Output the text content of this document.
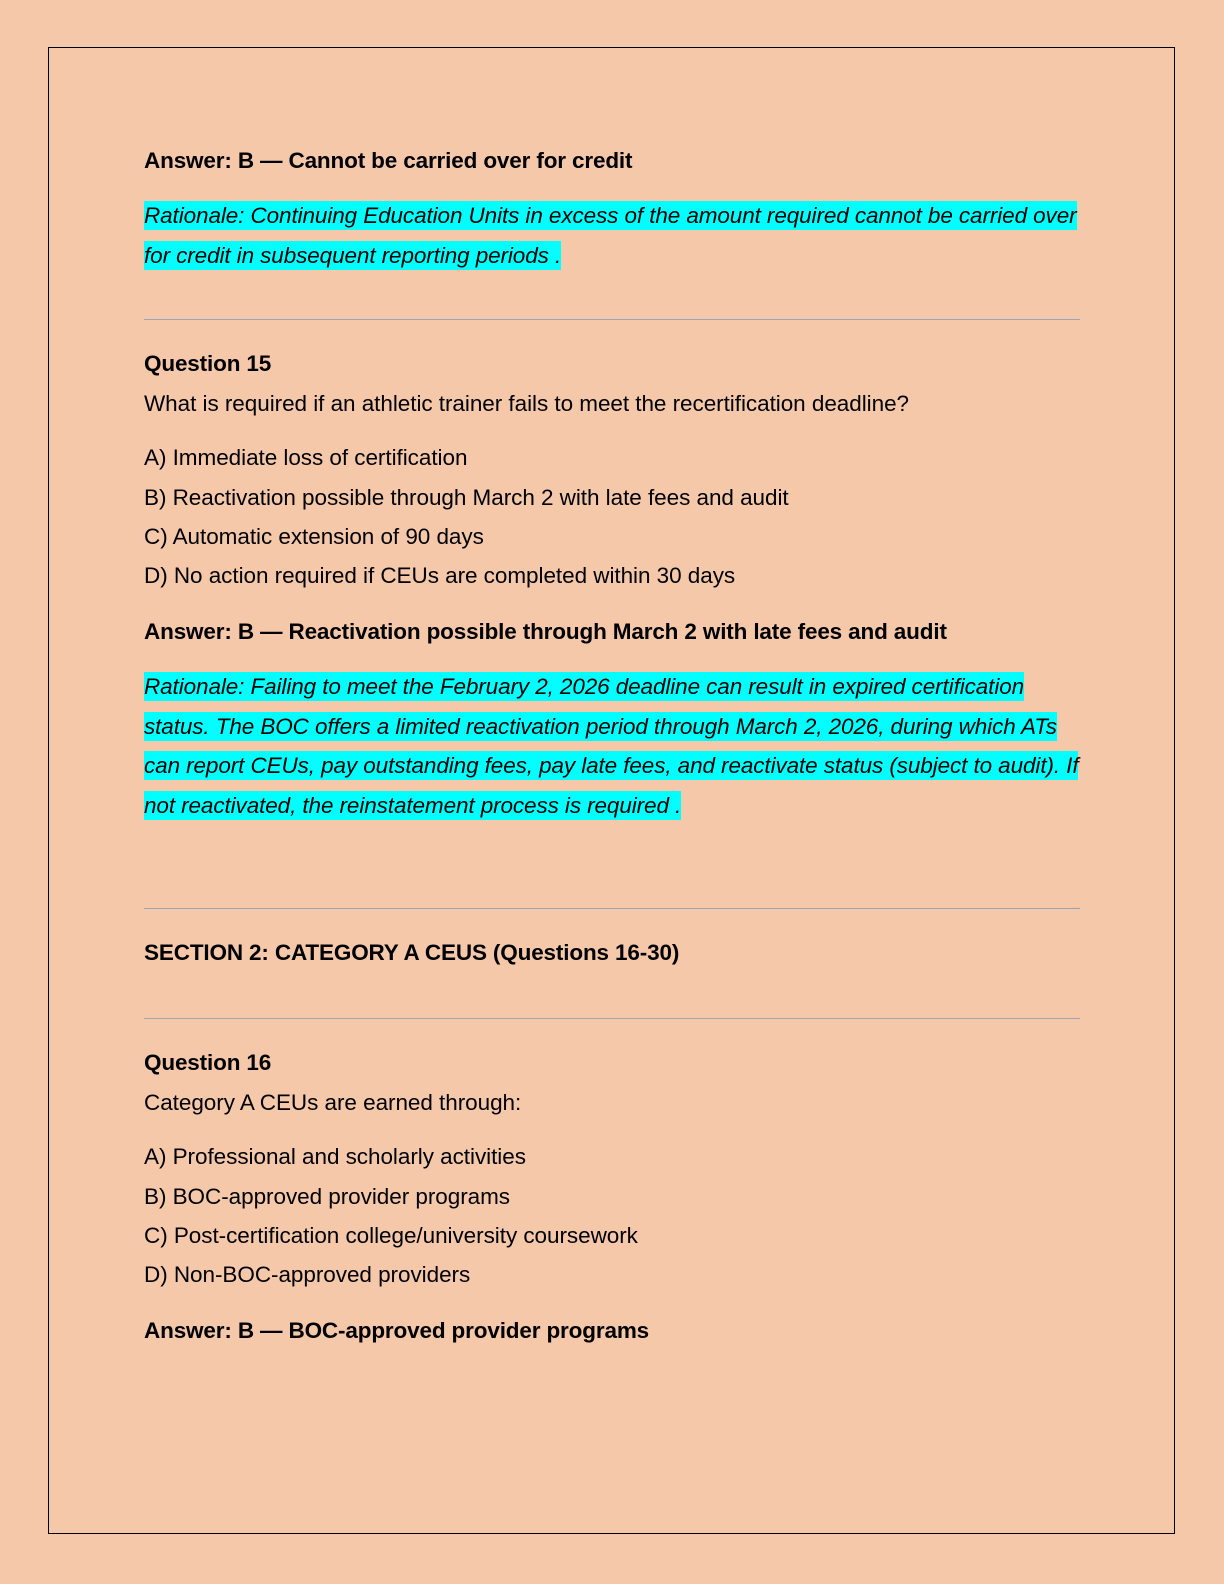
Answer: B — Cannot be carried over for credit
Rationale: Continuing Education Units in excess of the amount required cannot be carried over for credit in subsequent reporting periods .
Question 15
What is required if an athletic trainer fails to meet the recertification deadline?
A) Immediate loss of certification
B) Reactivation possible through March 2 with late fees and audit
C) Automatic extension of 90 days
D) No action required if CEUs are completed within 30 days
Answer: B — Reactivation possible through March 2 with late fees and audit
Rationale: Failing to meet the February 2, 2026 deadline can result in expired certification status. The BOC offers a limited reactivation period through March 2, 2026, during which ATs can report CEUs, pay outstanding fees, pay late fees, and reactivate status (subject to audit). If not reactivated, the reinstatement process is required .
SECTION 2: CATEGORY A CEUS (Questions 16-30)
Question 16
Category A CEUs are earned through:
A) Professional and scholarly activities
B) BOC-approved provider programs
C) Post-certification college/university coursework
D) Non-BOC-approved providers
Answer: B — BOC-approved provider programs
